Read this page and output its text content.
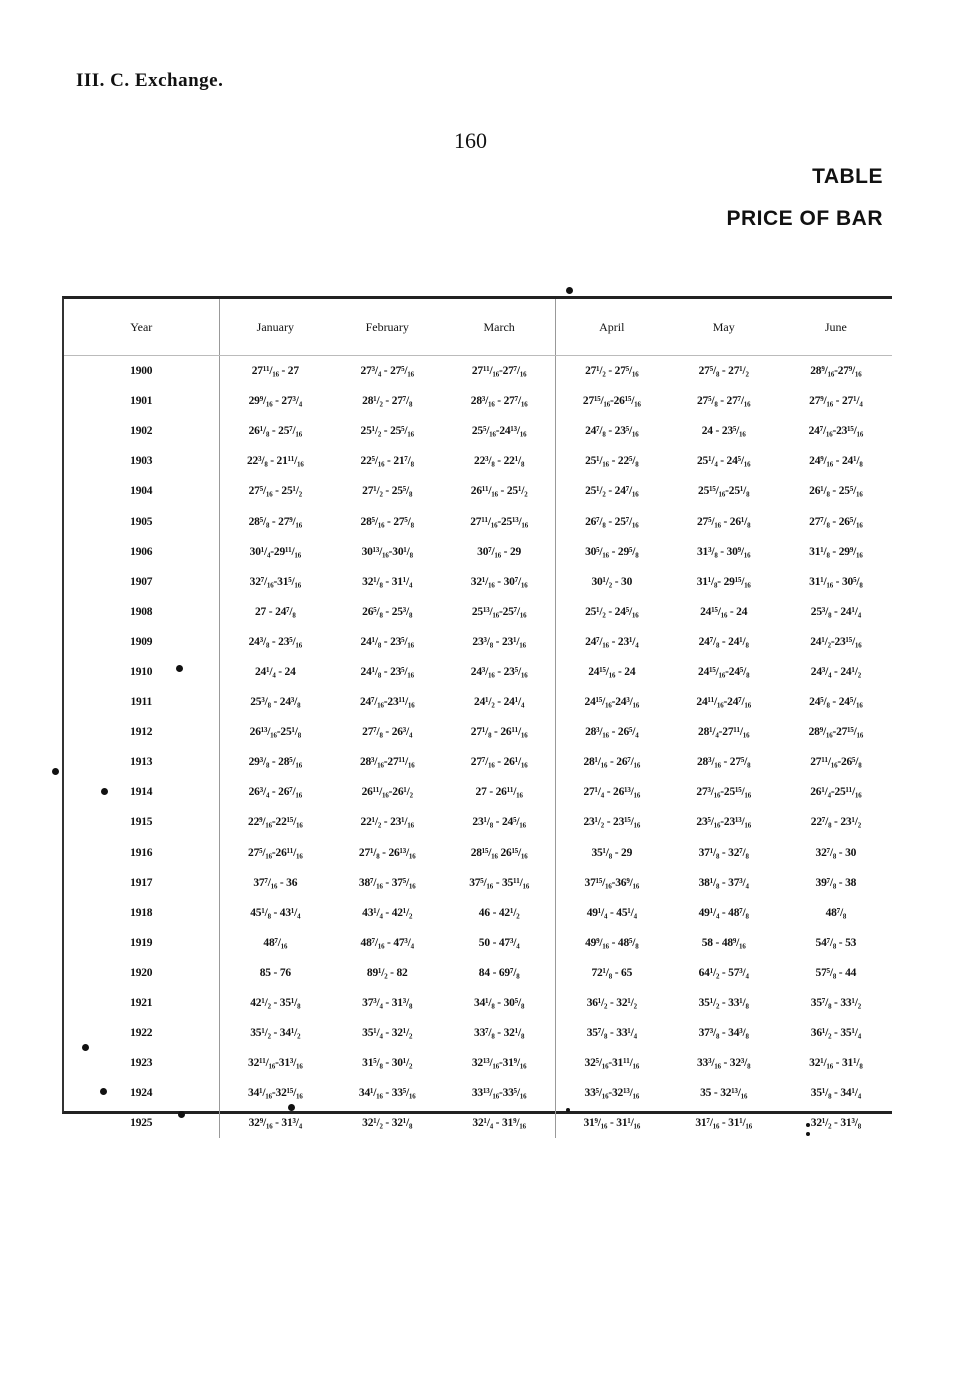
III. C. Exchange.
160
TABLE
PRICE OF BAR
Year	January	February	March	April	May	June
1900	27¹¹/₁₆ - 27	27³/₄ - 27⁵/₁₆	27¹¹/₁₆-27⁷/₁₆	27¹/₂ - 27⁵/₁₆	27⁵/₈ - 27¹/₂	28⁹/₁₆-27⁹/₁₆
1901	29⁹/₁₆ - 27³/₄	28¹/₂ - 27⁷/₈	28³/₁₆ - 27⁷/₁₆	27¹⁵/₁₆-26¹⁵/₁₆	27⁵/₈ - 27⁷/₁₆	27⁹/₁₆ - 27¹/₄
1902	26¹/₈ - 25⁷/₁₆	25¹/₂ - 25⁵/₁₆	25⁵/₁₆-24¹³/₁₆	24⁷/₈ - 23⁵/₁₆	24 - 23⁵/₁₆	24⁷/₁₆-23¹⁵/₁₆
1903	22³/₈ - 21¹¹/₁₆	22⁵/₁₆ - 21⁷/₈	22³/₈ - 22¹/₈	25¹/₁₆ - 22⁵/₈	25¹/₄ - 24⁵/₁₆	24⁹/₁₆ - 24¹/₈
1904	27⁵/₁₆ - 25¹/₂	27¹/₂ - 25⁵/₈	26¹¹/₁₆ - 25¹/₂	25¹/₂ - 24⁷/₁₆	25¹⁵/₁₆-25¹/₈	26¹/₈ - 25⁵/₁₆
1905	28⁵/₈ - 27⁹/₁₆	28⁵/₁₆ - 27⁵/₈	27¹¹/₁₆-25¹³/₁₆	26⁷/₈ - 25⁷/₁₆	27⁵/₁₆ - 26¹/₈	27⁷/₈ - 26⁵/₁₆
1906	30¹/₄-29¹¹/₁₆	30¹³/₁₆-30¹/₈	30⁷/₁₆ - 29	30⁵/₁₆ - 29⁵/₈	31³/₈ - 30⁹/₁₆	31¹/₈ - 29⁹/₁₆
1907	32⁷/₁₆-31⁵/₁₆	32¹/₈ - 31¹/₄	32¹/₁₆ - 30⁷/₁₆	30¹/₂ - 30	31¹/₈- 29¹⁵/₁₆	31¹/₁₆ - 30⁵/₈
1908	27 - 24⁷/₈	26⁵/₈ - 25³/₈	25¹³/₁₆-25⁷/₁₆	25¹/₂ - 24⁵/₁₆	24¹⁵/₁₆ - 24	25³/₈ - 24¹/₄
1909	24³/₈ - 23⁵/₁₆	24¹/₈ - 23⁵/₁₆	23³/₈ - 23¹/₁₆	24⁷/₁₆ - 23¹/₄	24⁷/₈ - 24¹/₈	24¹/₂-23¹⁵/₁₆
1910	24¹/₄ - 24	24¹/₈ - 23⁵/₁₆	24³/₁₆ - 23⁵/₁₆	24¹⁵/₁₆ - 24	24¹⁵/₁₆-24⁵/₈	24³/₄ - 24¹/₂
1911	25³/₈ - 24³/₈	24⁷/₁₆-23¹¹/₁₆	24¹/₂ - 24¹/₄	24¹⁵/₁₆-24³/₁₆	24¹¹/₁₆-24⁷/₁₆	24⁵/₈ - 24⁵/₁₆
1912	26¹³/₁₆-25¹/₈	27⁷/₈ - 26³/₄	27¹/₈ - 26¹¹/₁₆	28³/₁₆ - 26⁵/₄	28¹/₄-27¹¹/₁₆	28⁹/₁₆-27¹⁵/₁₆
1913	29³/₈ - 28⁵/₁₆	28³/₁₆-27¹¹/₁₆	27⁷/₁₆ - 26¹/₁₆	28¹/₁₆ - 26⁷/₁₆	28³/₁₆ - 27⁵/₈	27¹¹/₁₆-26⁵/₈
1914	26³/₄ - 26⁷/₁₆	26¹¹/₁₆-26¹/₂	27 - 26¹¹/₁₆	27¹/₄ - 26¹³/₁₆	27³/₁₆-25¹⁵/₁₆	26¹/₄-25¹¹/₁₆
1915	22⁹/₁₆-22¹⁵/₁₆	22¹/₂ - 23¹/₁₆	23¹/₈ - 24⁵/₁₆	23¹/₂ - 23¹⁵/₁₆	23⁵/₁₆-23¹³/₁₆	22⁷/₈ - 23¹/₂
1916	27⁵/₁₆-26¹¹/₁₆	27¹/₈ - 26¹³/₁₆	28¹⁵/₁₆ 26¹⁵/₁₆	35¹/₈ - 29	37¹/₈ - 32⁷/₈	32⁷/₈ - 30
1917	37⁷/₁₆ - 36	38⁷/₁₆ - 37⁵/₁₆	37⁵/₁₆ - 35¹¹/₁₆	37¹⁵/₁₆-36⁹/₁₆	38¹/₈ - 37³/₄	39⁷/₈ - 38
1918	45¹/₈ - 43¹/₄	43¹/₄ - 42¹/₂	46 - 42¹/₂	49¹/₄ - 45¹/₄	49¹/₄ - 48⁷/₈	48⁷/₈
1919	48⁷/₁₆	48⁷/₁₆ - 47³/₄	50 - 47³/₄	49⁹/₁₆ - 48⁵/₈	58 - 48⁹/₁₆	54⁷/₈ - 53
1920	85 - 76	89¹/₂ - 82	84 - 69⁷/₈	72¹/₈ - 65	64¹/₂ - 57³/₄	57⁵/₈ - 44
1921	42¹/₂ - 35¹/₈	37³/₄ - 31³/₈	34¹/₈ - 30⁵/₈	36¹/₂ - 32¹/₂	35¹/₂ - 33¹/₈	35⁷/₈ - 33¹/₂
1922	35¹/₂ - 34¹/₂	35¹/₄ - 32¹/₂	33⁷/₈ - 32¹/₈	35⁷/₈ - 33¹/₄	37³/₈ - 34³/₈	36¹/₂ - 35¹/₄
1923	32¹¹/₁₆-31³/₁₆	31⁵/₈ - 30¹/₂	32¹³/₁₆-31⁹/₁₆	32⁵/₁₆-31¹¹/₁₆	33³/₁₆ - 32³/₈	32¹/₁₆ - 31¹/₈
1924	34¹/₁₆-32¹⁵/₁₆	34¹/₁₆ - 33⁵/₁₆	33¹³/₁₆-33⁵/₁₆	33⁵/₁₆-32¹³/₁₆	35 - 32¹³/₁₆	35¹/₈ - 34¹/₄
1925	32⁹/₁₆ - 31³/₄	32¹/₂ - 32¹/₈	32¹/₄ - 31⁹/₁₆	31⁹/₁₆ - 31¹/₁₆	31⁷/₁₆ - 31¹/₁₆	32¹/₂ - 31³/₈
